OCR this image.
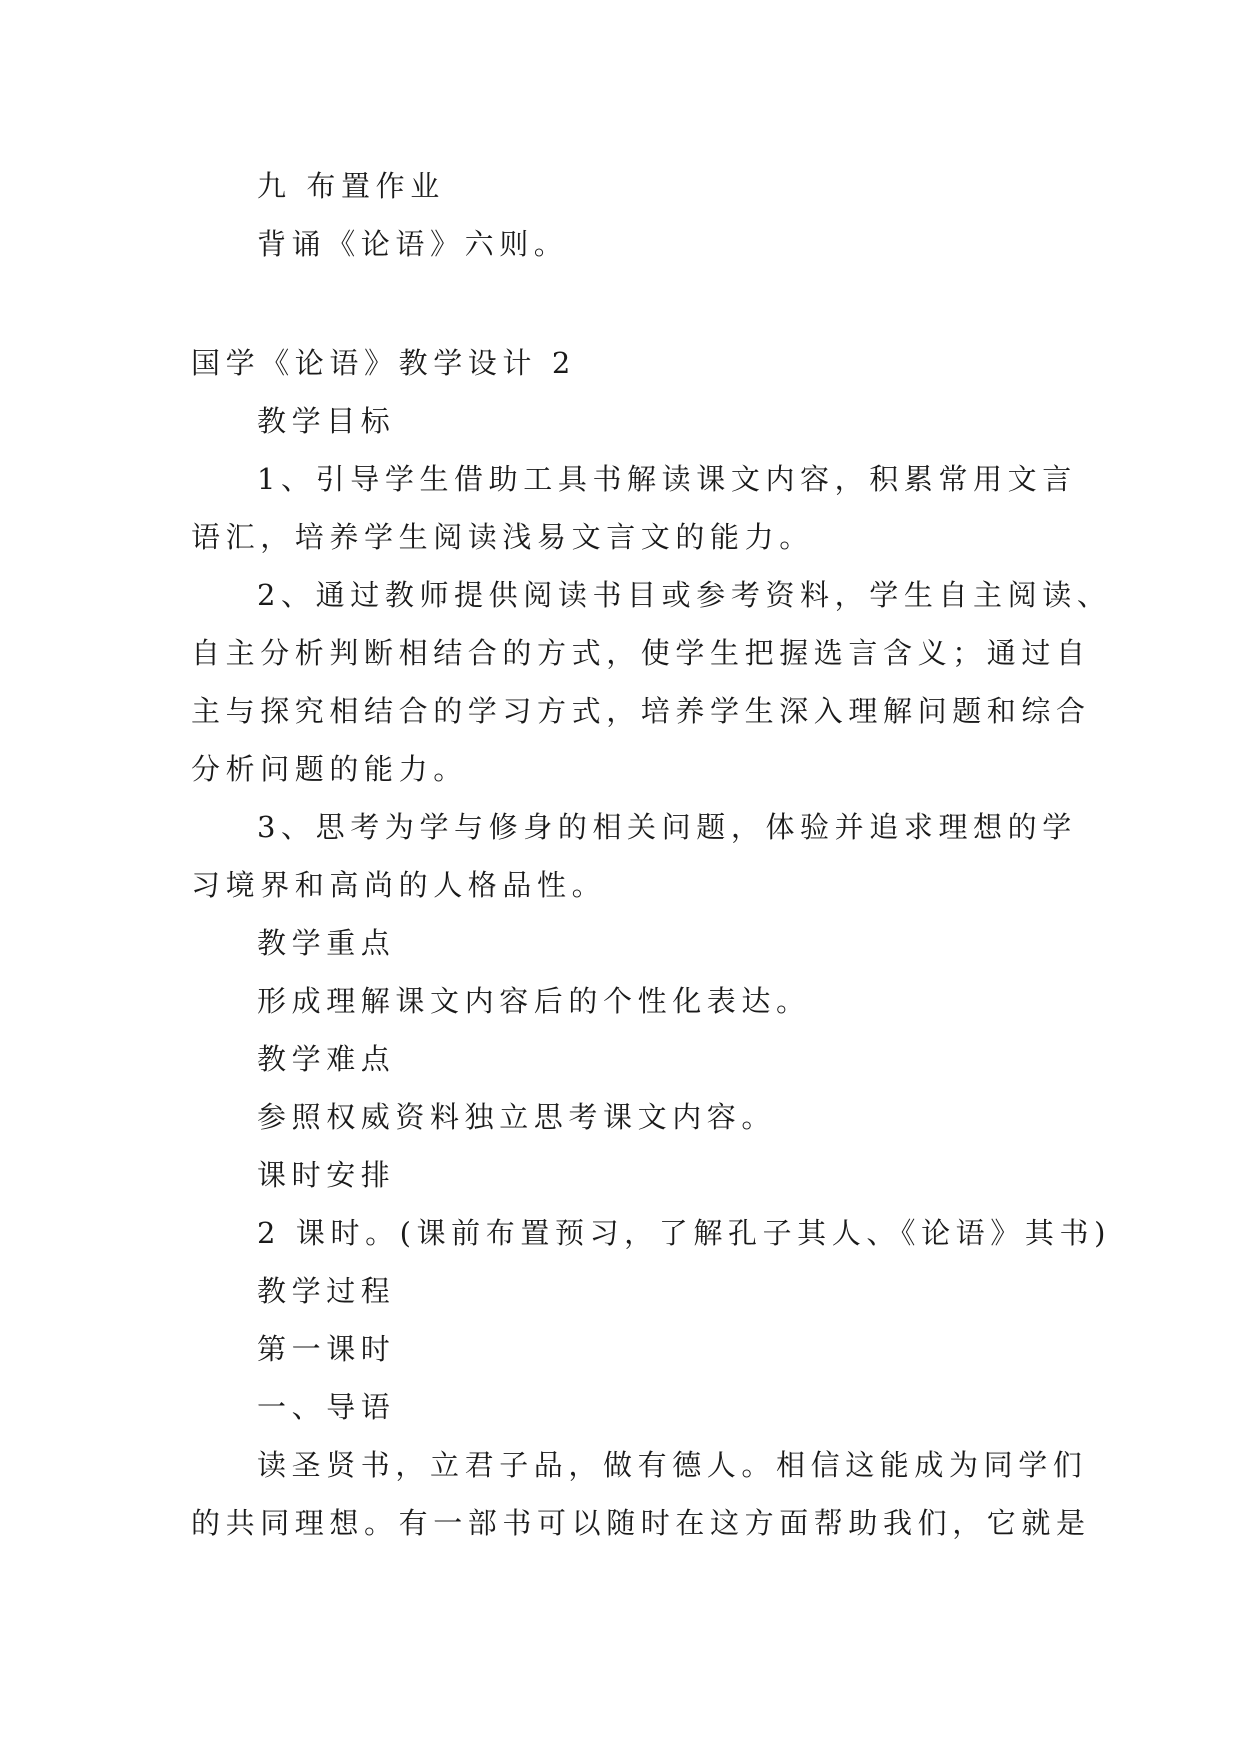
九 布置作业

背诵《论语》六则。

国学《论语》教学设计 2

教学目标

1、引导学生借助工具书解读课文内容，积累常用文言

语汇，培养学生阅读浅易文言文的能力。

2、通过教师提供阅读书目或参考资料，学生自主阅读、

自主分析判断相结合的方式，使学生把握选言含义；通过自

主与探究相结合的学习方式，培养学生深入理解问题和综合

分析问题的能力。

3、思考为学与修身的相关问题，体验并追求理想的学

习境界和高尚的人格品性。

教学重点

形成理解课文内容后的个性化表达。

教学难点

参照权威资料独立思考课文内容。

课时安排

2 课时。(课前布置预习，了解孔子其人、《论语》其书)

教学过程

第一课时

一、导语

读圣贤书，立君子品，做有德人。相信这能成为同学们

的共同理想。有一部书可以随时在这方面帮助我们，它就是
